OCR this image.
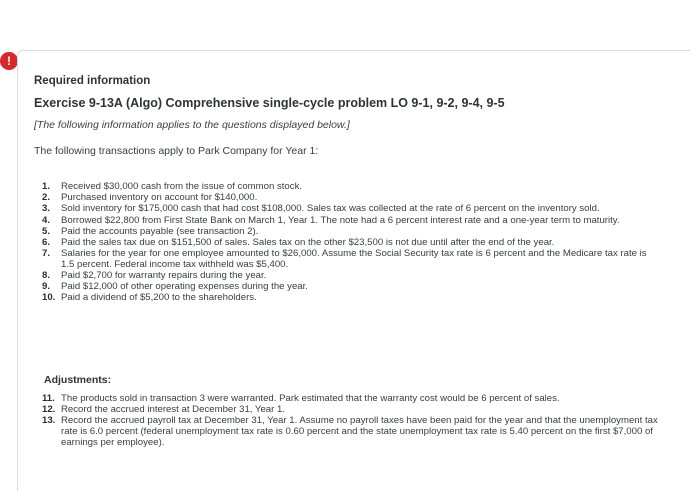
!
Required information
Exercise 9-13A (Algo) Comprehensive single-cycle problem LO 9-1, 9-2, 9-4, 9-5
[The following information applies to the questions displayed below.]
The following transactions apply to Park Company for Year 1:
1. Received $30,000 cash from the issue of common stock.
2. Purchased inventory on account for $140,000.
3. Sold inventory for $175,000 cash that had cost $108,000. Sales tax was collected at the rate of 6 percent on the inventory sold.
4. Borrowed $22,800 from First State Bank on March 1, Year 1. The note had a 6 percent interest rate and a one-year term to maturity.
5. Paid the accounts payable (see transaction 2).
6. Paid the sales tax due on $151,500 of sales. Sales tax on the other $23,500 is not due until after the end of the year.
7. Salaries for the year for one employee amounted to $26,000. Assume the Social Security tax rate is 6 percent and the Medicare tax rate is 1.5 percent. Federal income tax withheld was $5,400.
8. Paid $2,700 for warranty repairs during the year.
9. Paid $12,000 of other operating expenses during the year.
10. Paid a dividend of $5,200 to the shareholders.
Adjustments:
11. The products sold in transaction 3 were warranted. Park estimated that the warranty cost would be 6 percent of sales.
12. Record the accrued interest at December 31, Year 1.
13. Record the accrued payroll tax at December 31, Year 1. Assume no payroll taxes have been paid for the year and that the unemployment tax rate is 6.0 percent (federal unemployment tax rate is 0.60 percent and the state unemployment tax rate is 5.40 percent on the first $7,000 of earnings per employee).
